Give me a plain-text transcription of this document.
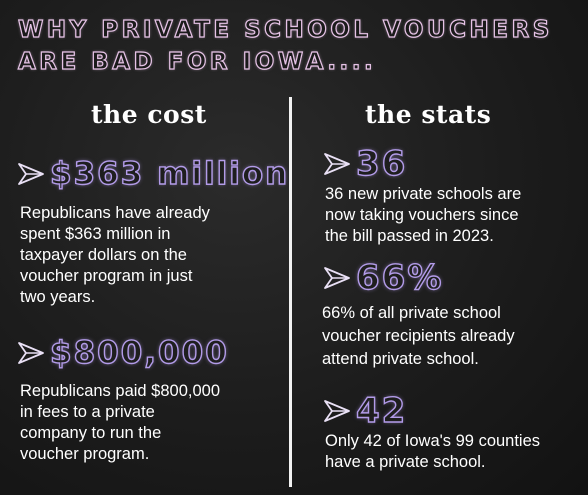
WHY PRIVATE SCHOOL VOUCHERS
ARE BAD FOR IOWA....
the cost
$363 million
Republicans have already
spent $363 million in
taxpayer dollars on the
voucher program in just
two years.
$800,000
Republicans paid $800,000
in fees to a private
company to run the
voucher program.
the stats
36
36 new private schools are
now taking vouchers since
the bill passed in 2023.
66%
66% of all private school
voucher recipients already
attend private school.
42
Only 42 of Iowa's 99 counties
have a private school.
